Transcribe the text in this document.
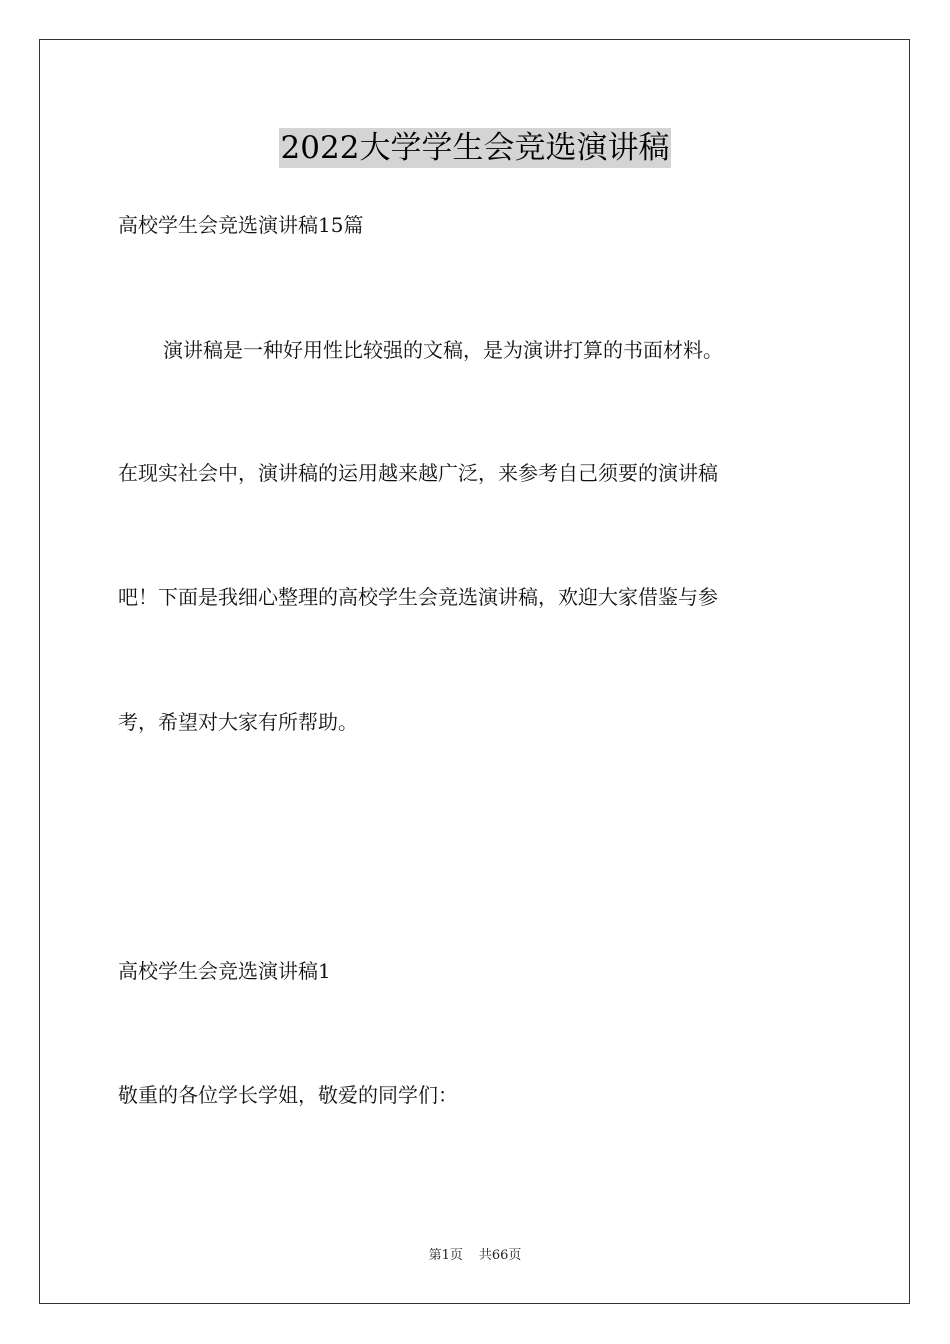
2022大学学生会竞选演讲稿
高校学生会竞选演讲稿15篇
演讲稿是一种好用性比较强的文稿，是为演讲打算的书面材料。
在现实社会中，演讲稿的运用越来越广泛，来参考自己须要的演讲稿
吧！下面是我细心整理的高校学生会竞选演讲稿，欢迎大家借鉴与参
考，希望对大家有所帮助。
高校学生会竞选演讲稿1
敬重的各位学长学姐，敬爱的同学们：
第1页 共66页
